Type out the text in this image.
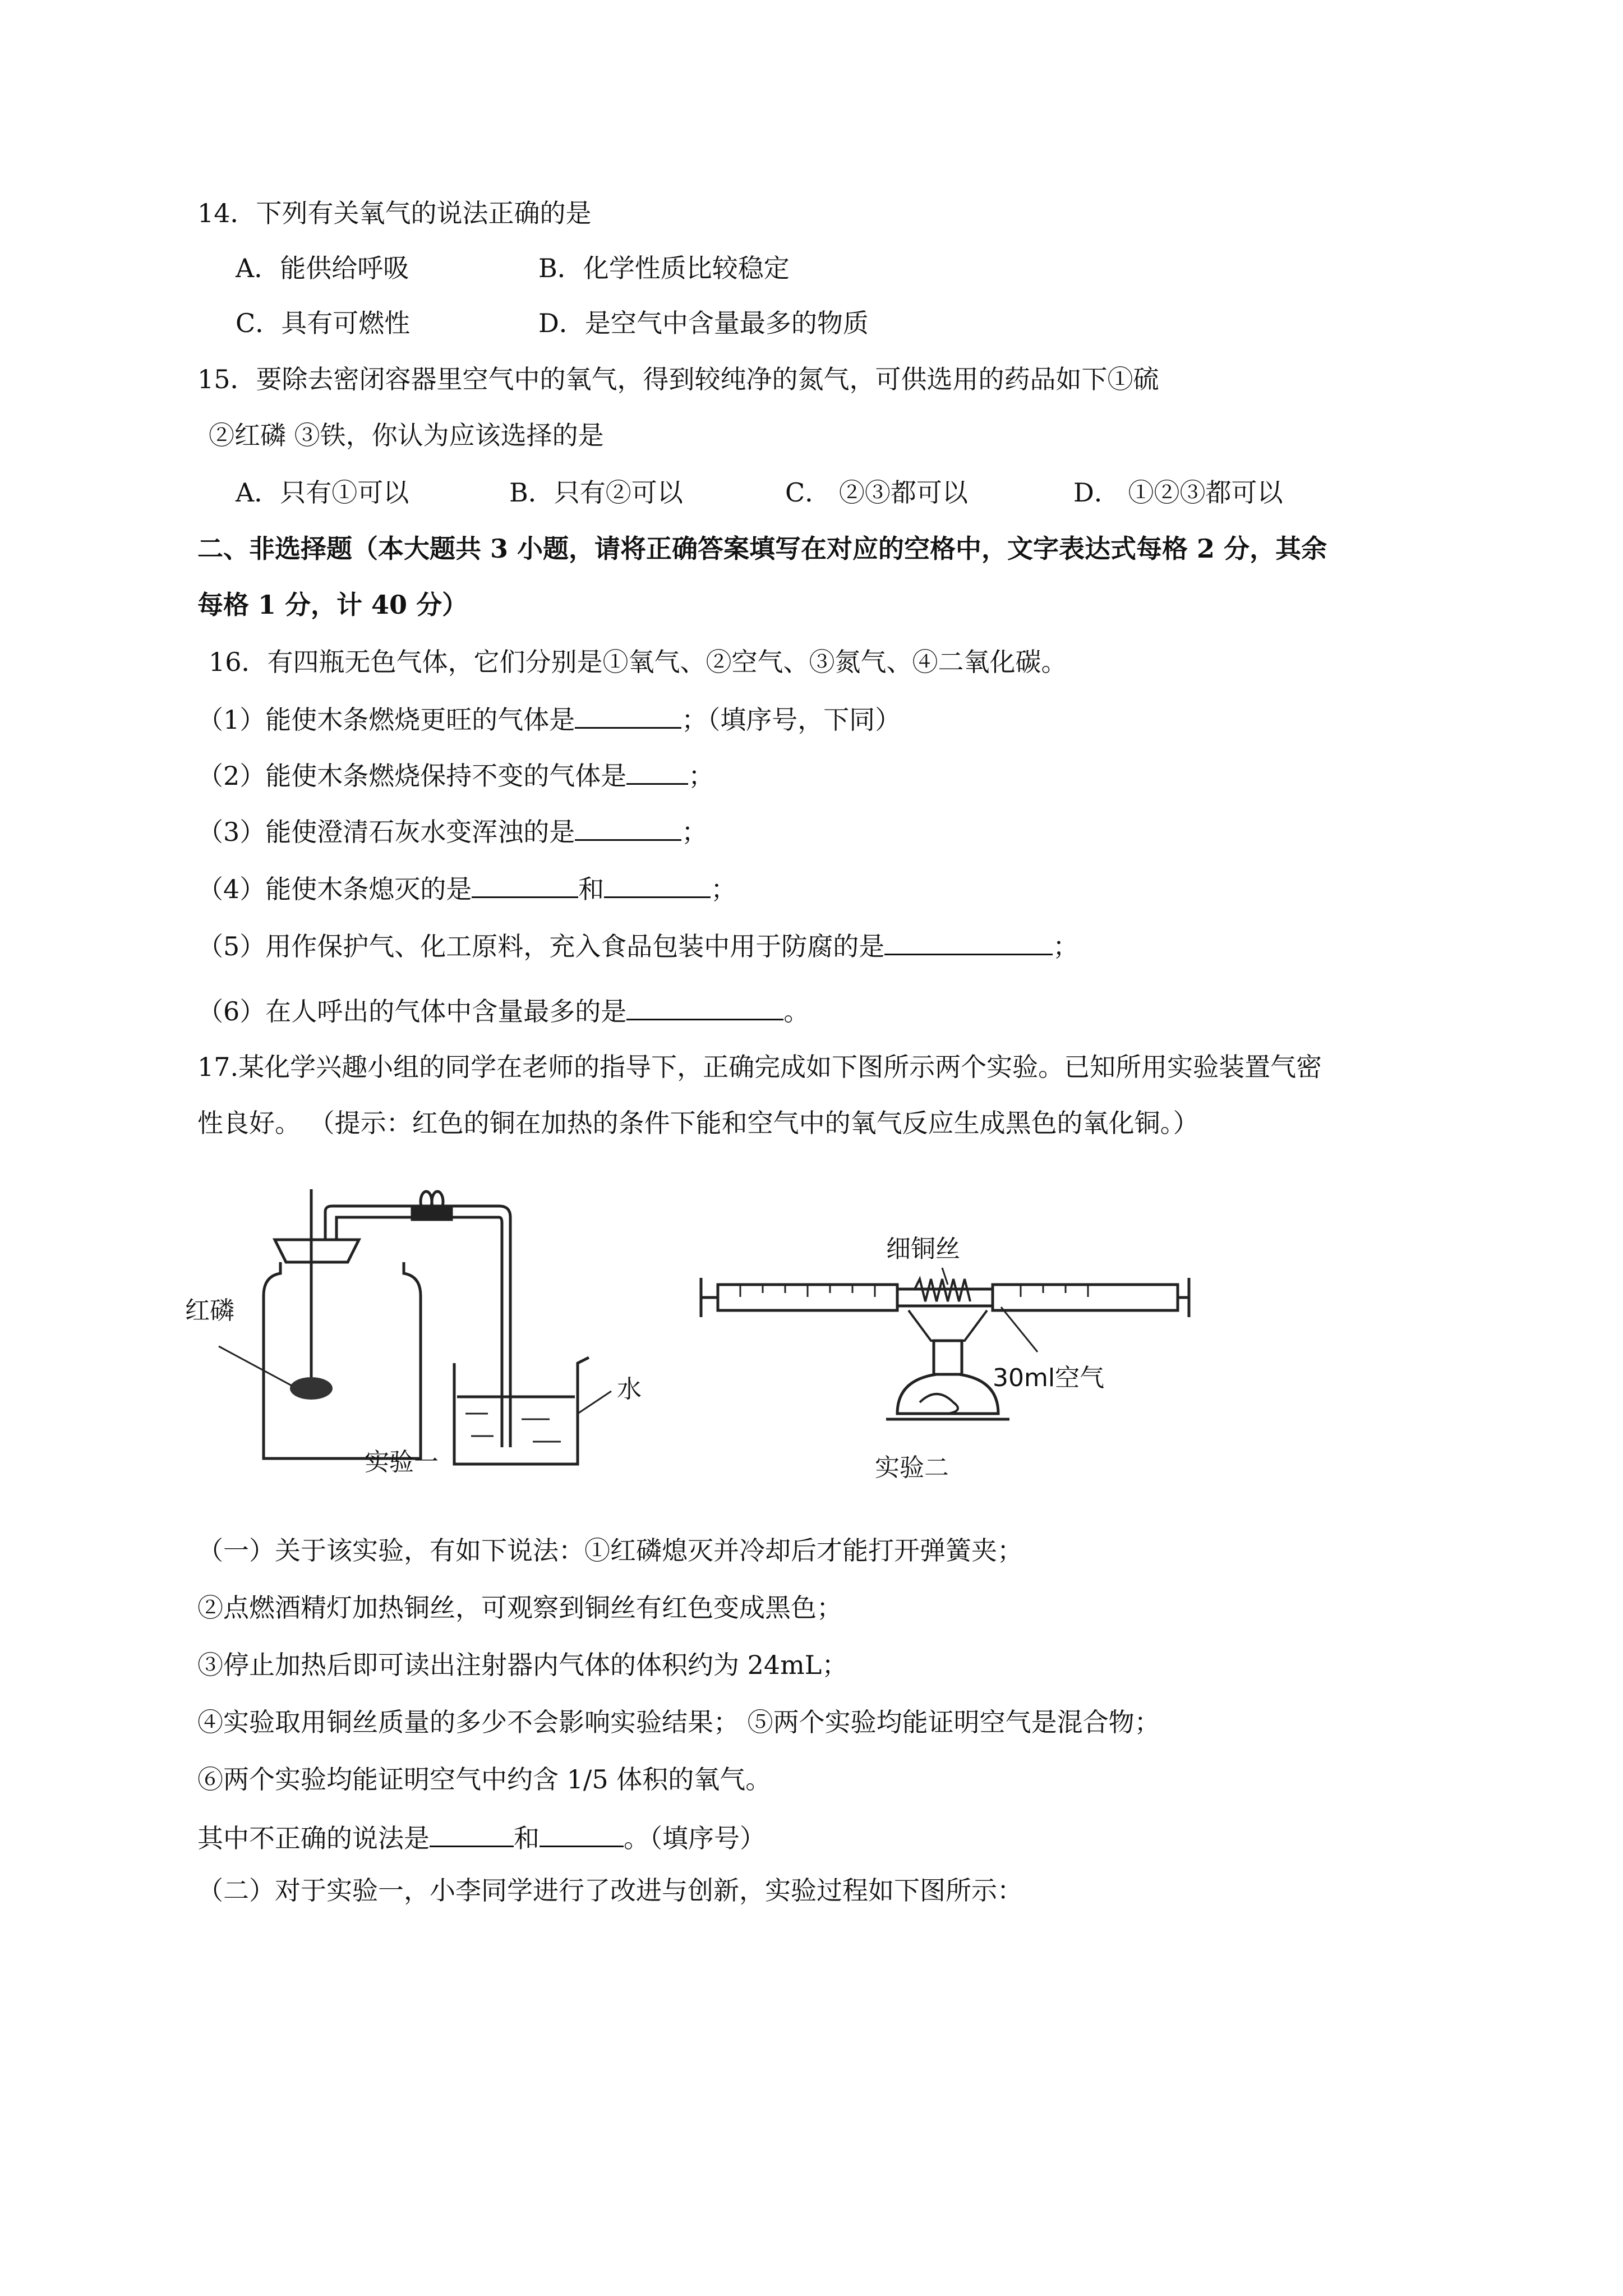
14．下列有关氧气的说法正确的是
A．能供给呼吸	B．化学性质比较稳定
C．具有可燃性	D．是空气中含量最多的物质
15．要除去密闭容器里空气中的氧气，得到较纯净的氮气，可供选用的药品如下①硫
②红磷 ③铁，你认为应该选择的是
A．只有①可以	B．只有②可以	C． ②③都可以	D． ①②③都可以
二、非选择题（本大题共 3 小题，请将正确答案填写在对应的空格中，文字表达式每格 2 分，其余
每格 1 分，计 40 分）
16．有四瓶无色气体，它们分别是①氧气、②空气、③氮气、④二氧化碳。
（1）能使木条燃烧更旺的气体是	；（填序号，下同）
（2）能使木条燃烧保持不变的气体是 ；
（3）能使澄清石灰水变浑浊的是	；
（4）能使木条熄灭的是	和	；
（5）用作保护气、化工原料，充入食品包装中用于防腐的是	；
（6）在人呼出的气体中含量最多的是	。
17.某化学兴趣小组的同学在老师的指导下，正确完成如下图所示两个实验。已知所用实验装置气密
性良好。 （提示：红色的铜在加热的条件下能和空气中的氧气反应生成黑色的氧化铜。）
红磷
水
实验一
细铜丝
30ml空气
实验二
（一）关于该实验，有如下说法：①红磷熄灭并冷却后才能打开弹簧夹；
②点燃酒精灯加热铜丝，可观察到铜丝有红色变成黑色；
③停止加热后即可读出注射器内气体的体积约为 24mL；
④实验取用铜丝质量的多少不会影响实验结果； ⑤两个实验均能证明空气是混合物；
⑥两个实验均能证明空气中约含 1/5 体积的氧气。
其中不正确的说法是	和	。（填序号）
（二）对于实验一，小李同学进行了改进与创新，实验过程如下图所示：
